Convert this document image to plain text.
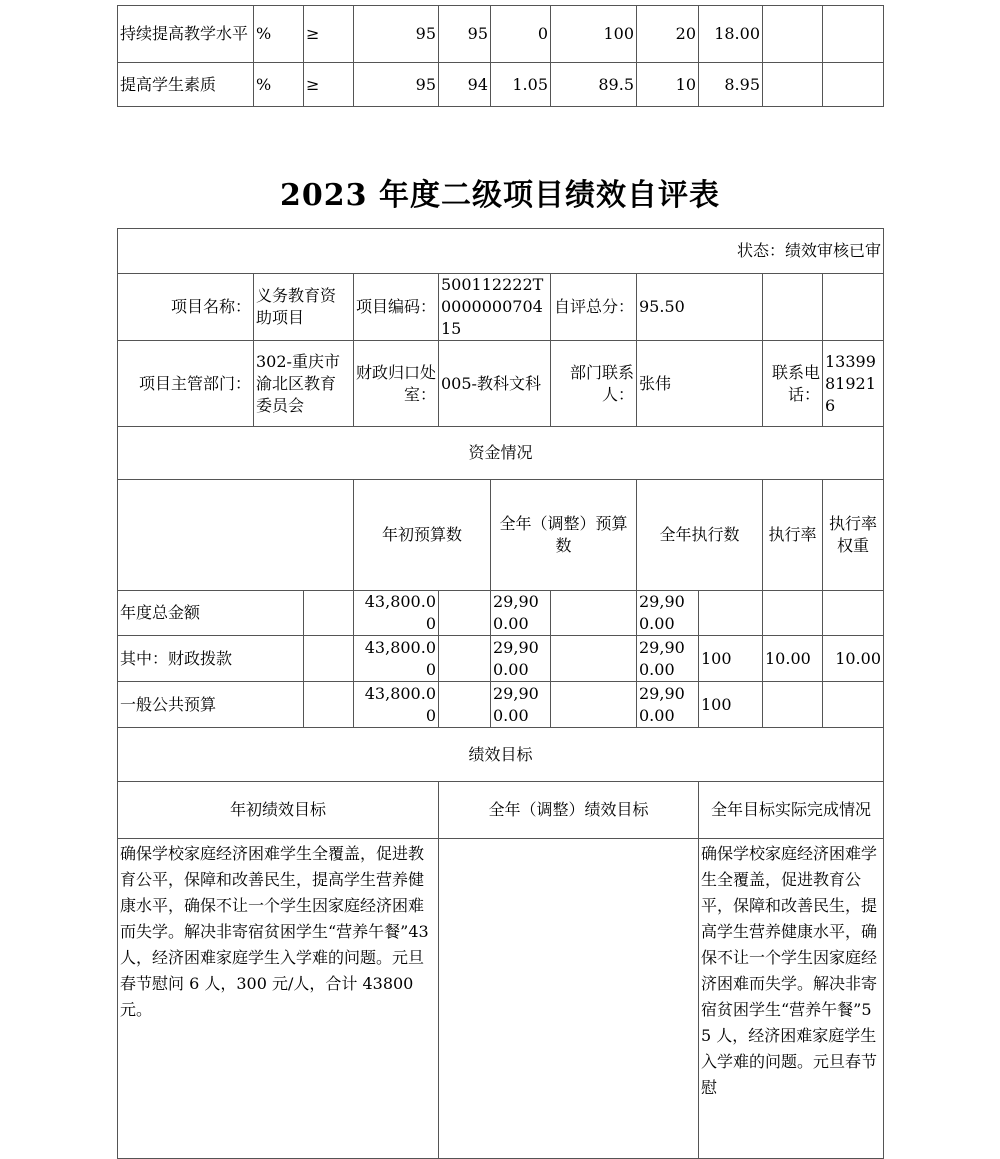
持续提高教学水平	%	≥	95	95	0	100	20	18.00		
提高学生素质	%	≥	95	94	1.05	89.5	10	8.95		
2023 年度二级项目绩效自评表
状态：绩效审核已审											
项目名称：	义务教育资助项目		项目编码：	500112222T000000070415		自评总分：	95.50				
项目主管部门：	302-重庆市渝北区教育委员会		财政归口处室：	005-教科文科		部门联系人：	张伟		联系电话：	13399819216	
资金情况											
			年初预算数		全年（调整）预算数		全年执行数		执行率	执行率权重	
年度总金额			43,800.00		29,900.00		29,900.00				
其中：财政拨款			43,800.00		29,900.00		29,900.00	100	10.00	10.00	
一般公共预算			43,800.00		29,900.00		29,900.00	100			
绩效目标											
年初绩效目标				全年（调整）绩效目标				全年目标实际完成情况			
确保学校家庭经济困难学生全覆盖，促进教育公平，保障和改善民生，提高学生营养健康水平，确保不让一个学生因家庭经济困难而失学。解决非寄宿贫困学生“营养午餐”43 人，经济困难家庭学生入学难的问题。元旦春节慰问 6 人，300 元/人，合计 43800 元。								确保学校家庭经济困难学生全覆盖，促进教育公平，保障和改善民生，提高学生营养健康水平，确保不让一个学生因家庭经济困难而失学。解决非寄宿贫困学生“营养午餐”55 人，经济困难家庭学生入学难的问题。元旦春节慰			
